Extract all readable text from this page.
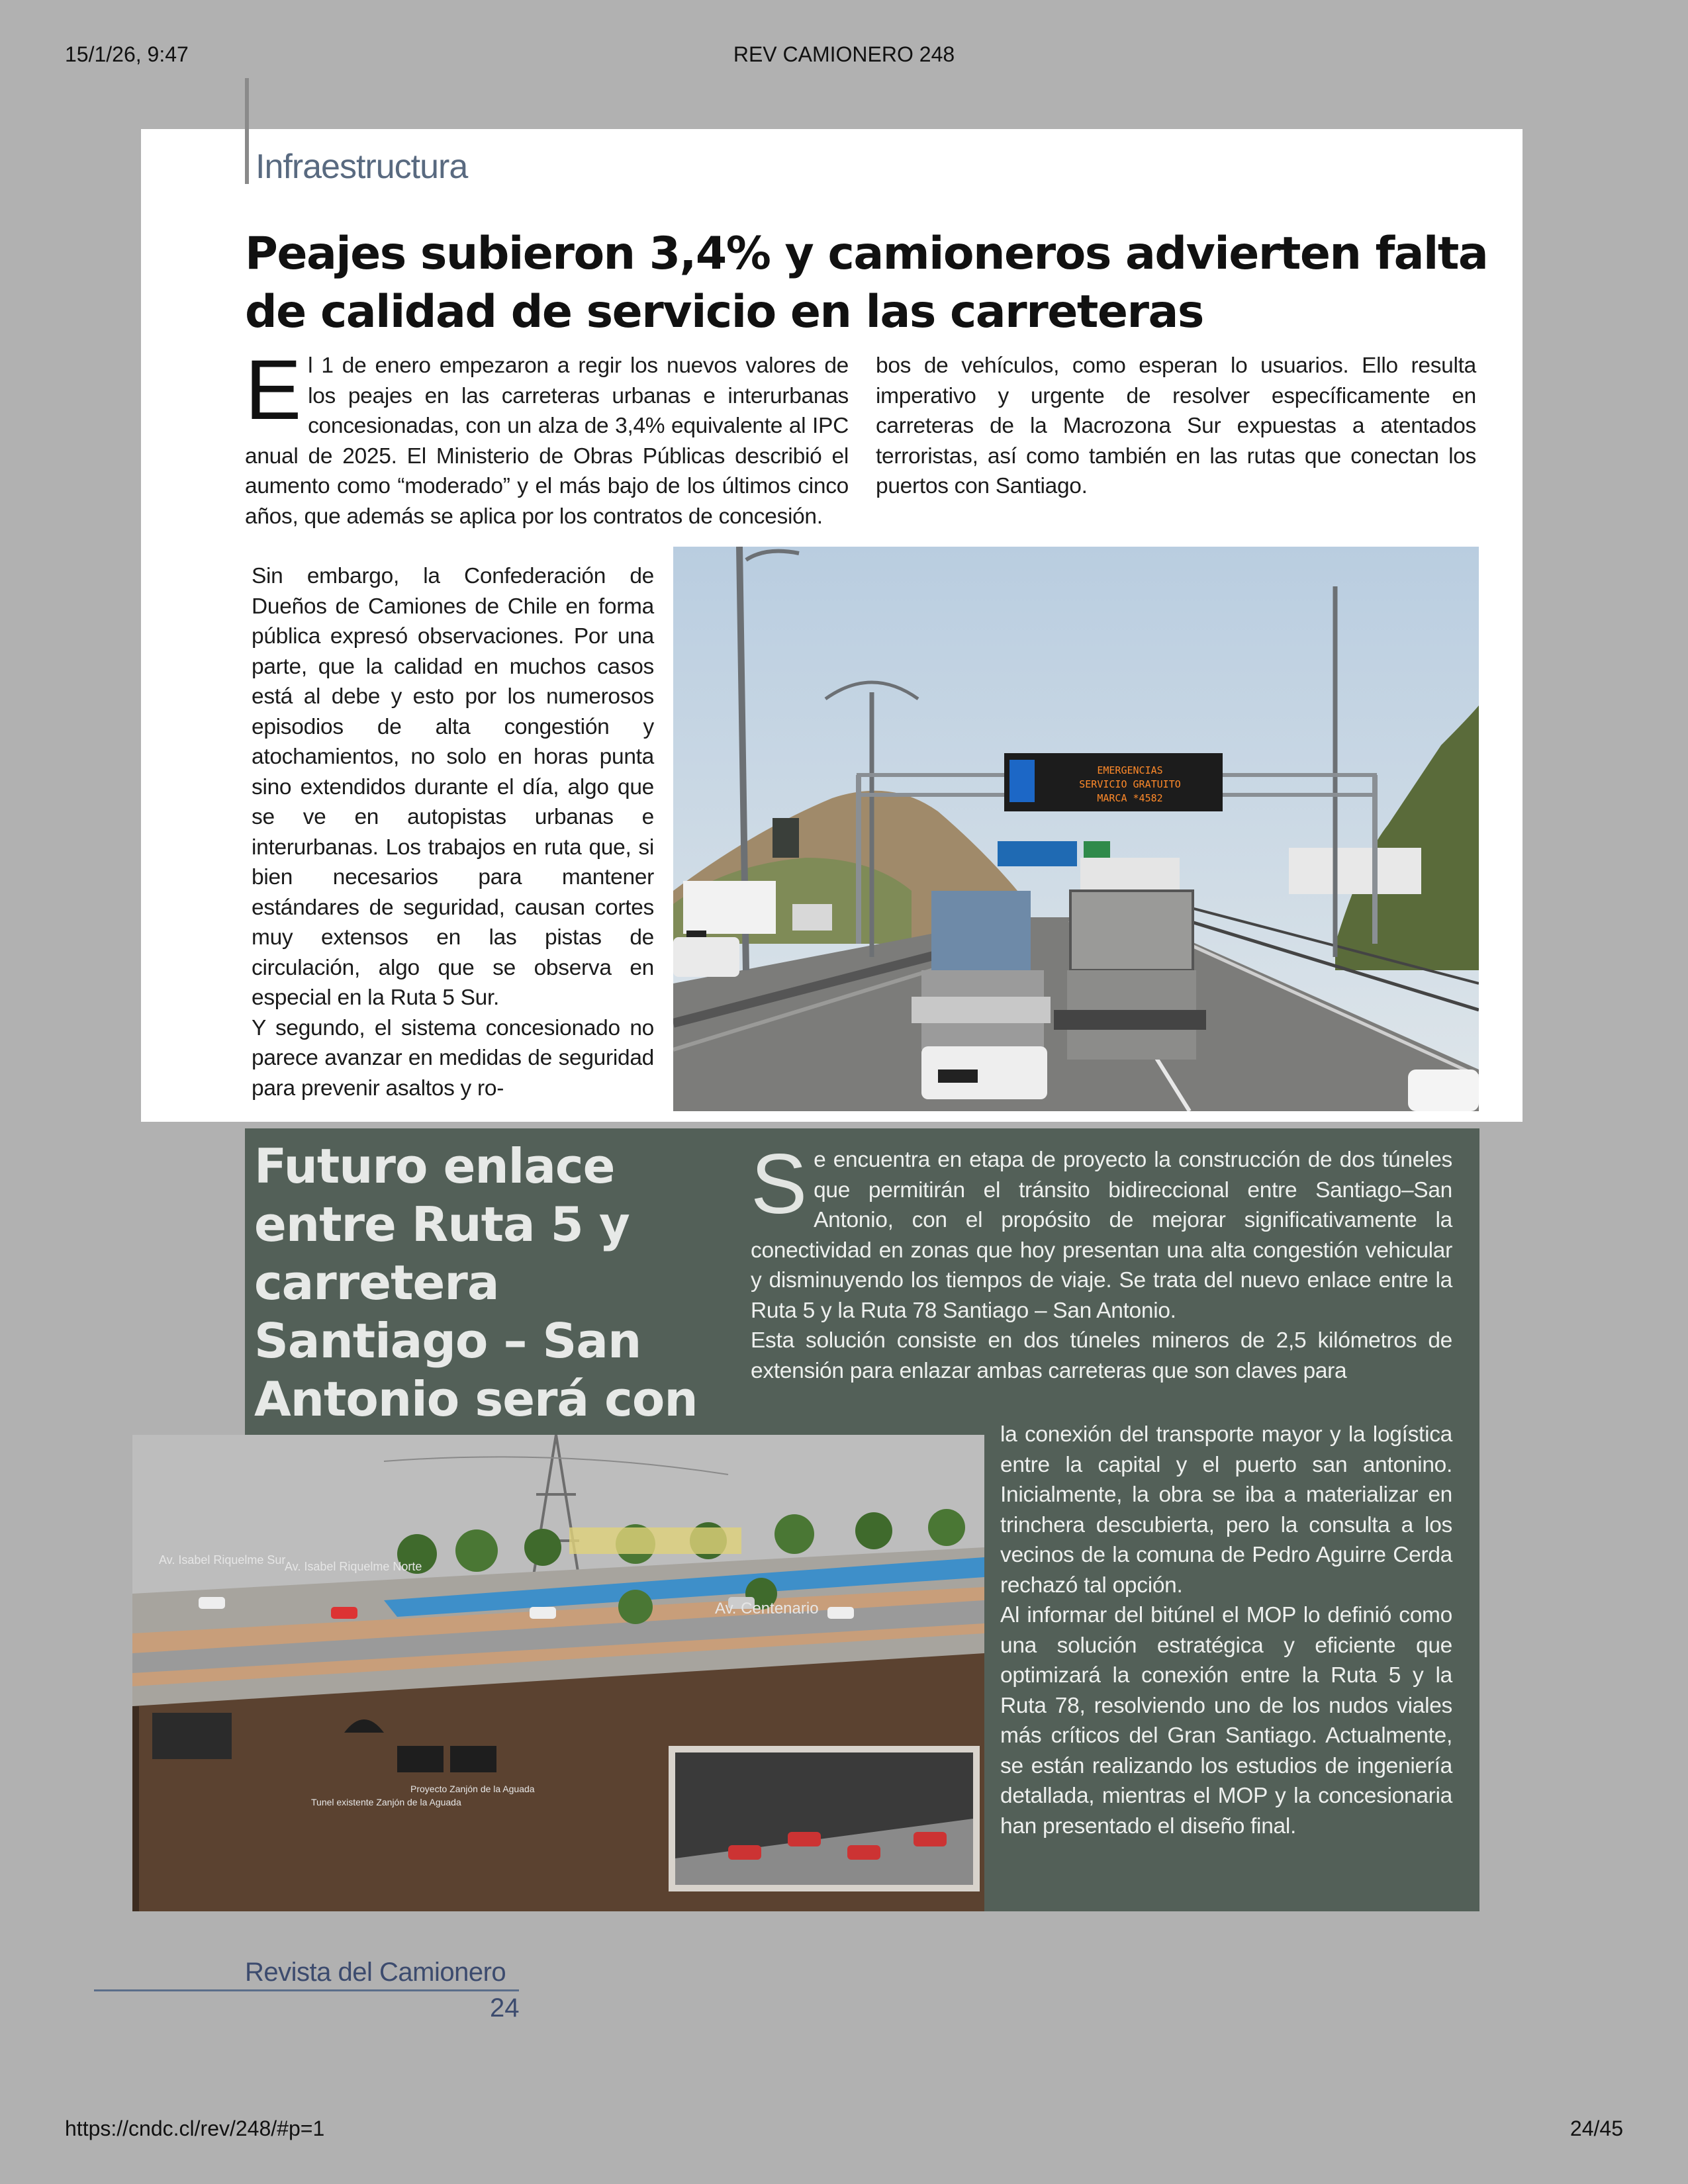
15/1/26, 9:47	REV CAMIONERO 248
https://cndc.cl/rev/248/#p=1	24/45
Infraestructura
Peajes subieron 3,4% y camioneros advierten falta de calidad de servicio en las carreteras
E l 1 de enero empezaron a regir los nuevos valores de los peajes en las carreteras urbanas e interurbanas concesionadas, con un alza de 3,4% equivalente al IPC anual de 2025. El Ministerio de Obras Públicas describió el aumento como “moderado” y el más bajo de los últimos cinco años, que además se aplica por los contratos de concesión.

Sin embargo, la Confederación de Dueños de Camiones de Chile en forma pública expresó observaciones. Por una parte, que la calidad en muchos casos está al debe y esto por los numerosos episodios de alta congestión y atochamientos, no solo en horas punta sino extendidos durante el día, algo que se ve en autopistas urbanas e interurbanas. Los trabajos en ruta que, si bien necesarios para mantener estándares de seguridad, causan cortes muy extensos en las pistas de circulación, algo que se observa en especial en la Ruta 5 Sur.

Y segundo, el sistema concesionado no parece avanzar en medidas de seguridad para prevenir asaltos y ro-

bos de vehículos, como esperan lo usuarios. Ello resulta imperativo y urgente de resolver específicamente en carreteras de la Macrozona Sur expuestas a atentados terroristas, así como también en las rutas que conectan los puertos con Santiago.

EMERGENCIAS
SERVICIO GRATUITO
MARCA *4582
Futuro enlace entre Ruta 5 y carretera Santiago – San Antonio será con
S e encuentra en etapa de proyecto la construcción de dos túneles que permitirán el tránsito bidireccional entre Santiago–San Antonio, con el propósito de mejorar significativamente la conectividad en zonas que hoy presentan una alta congestión vehicular y disminuyendo los tiempos de viaje. Se trata del nuevo enlace entre la Ruta 5 y la Ruta 78 Santiago – San Antonio.

Esta solución consiste en dos túneles mineros de 2,5 kilómetros de extensión para enlazar ambas carreteras que son claves para

la conexión del transporte mayor y la logística entre la capital y el puerto san antonino. Inicialmente, la obra se iba a materializar en trinchera descubierta, pero la consulta a los vecinos de la comuna de Pedro Aguirre Cerda rechazó tal opción.

Al informar del bitúnel el MOP lo definió como una solución estratégica y eficiente que optimizará la conexión entre la Ruta 5 y la Ruta 78, resolviendo uno de los nudos viales más críticos del Gran Santiago. Actualmente, se están realizando los estudios de ingeniería detallada, mientras el MOP y la concesionaria han presentado el diseño final.

Av. Isabel Riquelme Sur
Av. Isabel Riquelme Norte
Av. Centenario
Tunel existente Zanjón de la Aguada
Proyecto Zanjón de la Aguada
Revista del Camionero
24
